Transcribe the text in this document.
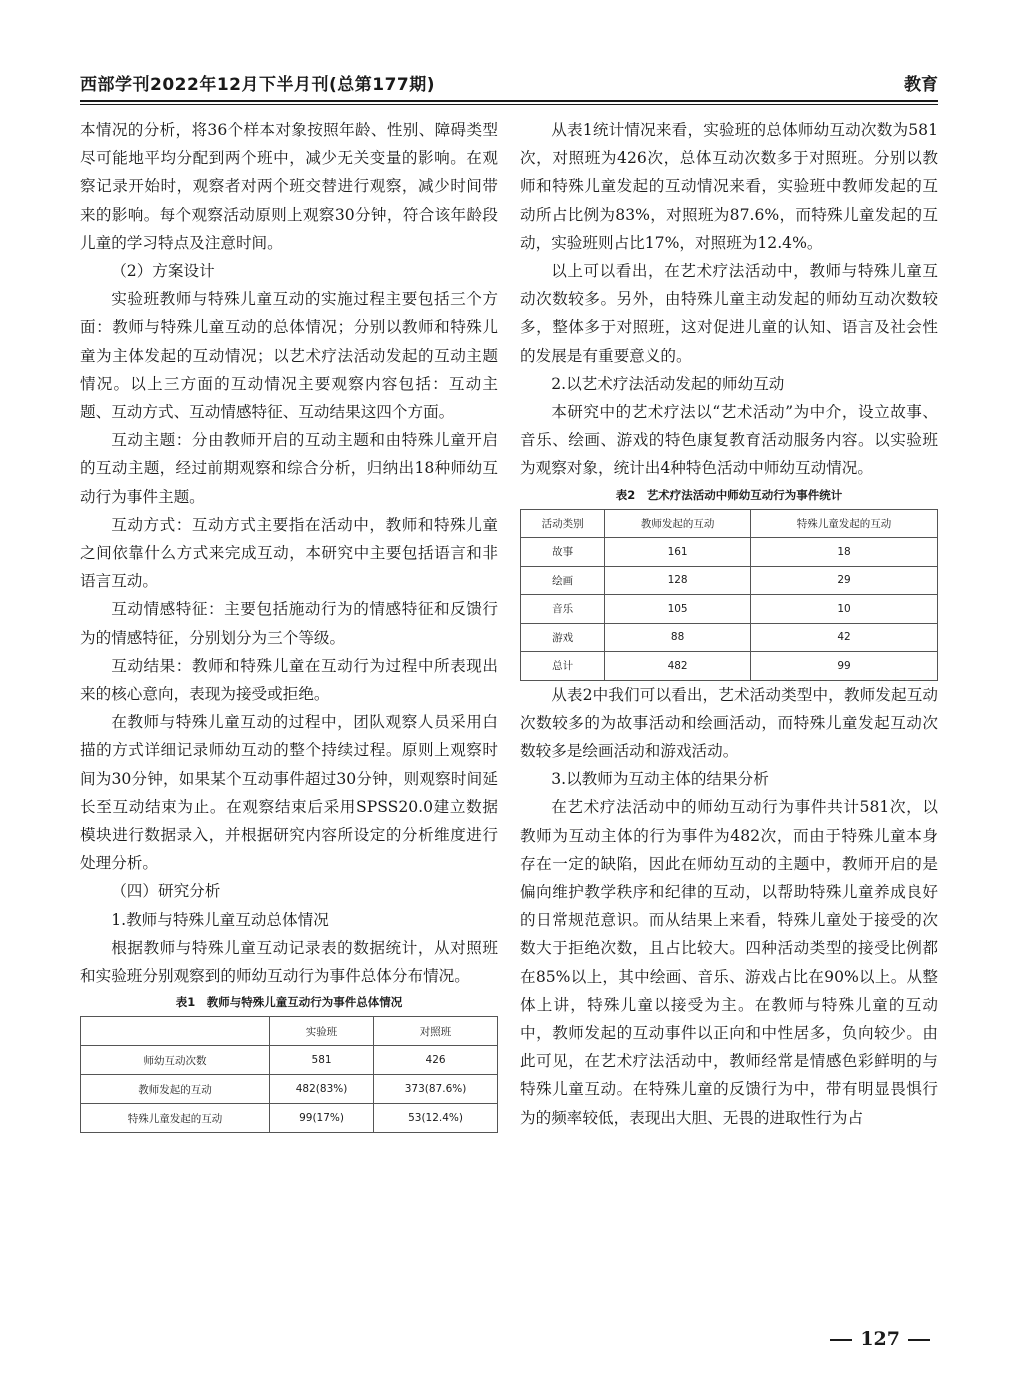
西部学刊2022年12月下半月刊(总第177期)	教育

本情况的分析，将36个样本对象按照年龄、性别、障碍类型尽可能地平均分配到两个班中，减少无关变量的影响。在观察记录开始时，观察者对两个班交替进行观察，减少时间带来的影响。每个观察活动原则上观察30分钟，符合该年龄段儿童的学习特点及注意时间。

（2）方案设计

实验班教师与特殊儿童互动的实施过程主要包括三个方面：教师与特殊儿童互动的总体情况；分别以教师和特殊儿童为主体发起的互动情况；以艺术疗法活动发起的互动主题情况。以上三方面的互动情况主要观察内容包括：互动主题、互动方式、互动情感特征、互动结果这四个方面。

互动主题：分由教师开启的互动主题和由特殊儿童开启的互动主题，经过前期观察和综合分析，归纳出18种师幼互动行为事件主题。

互动方式：互动方式主要指在活动中，教师和特殊儿童之间依靠什么方式来完成互动，本研究中主要包括语言和非语言互动。

互动情感特征：主要包括施动行为的情感特征和反馈行为的情感特征，分别划分为三个等级。

互动结果：教师和特殊儿童在互动行为过程中所表现出来的核心意向，表现为接受或拒绝。

在教师与特殊儿童互动的过程中，团队观察人员采用白描的方式详细记录师幼互动的整个持续过程。原则上观察时间为30分钟，如果某个互动事件超过30分钟，则观察时间延长至互动结束为止。在观察结束后采用SPSS20.0建立数据模块进行数据录入，并根据研究内容所设定的分析维度进行处理分析。

（四）研究分析

1.教师与特殊儿童互动总体情况

根据教师与特殊儿童互动记录表的数据统计，从对照班和实验班分别观察到的师幼互动行为事件总体分布情况。

表1　教师与特殊儿童互动行为事件总体情况
	实验班	对照班
师幼互动次数	581	426
教师发起的互动	482(83%)	373(87.6%)
特殊儿童发起的互动	99(17%)	53(12.4%)

从表1统计情况来看，实验班的总体师幼互动次数为581次，对照班为426次，总体互动次数多于对照班。分别以教师和特殊儿童发起的互动情况来看，实验班中教师发起的互动所占比例为83%，对照班为87.6%，而特殊儿童发起的互动，实验班则占比17%，对照班为12.4%。

以上可以看出，在艺术疗法活动中，教师与特殊儿童互动次数较多。另外，由特殊儿童主动发起的师幼互动次数较多，整体多于对照班，这对促进儿童的认知、语言及社会性的发展是有重要意义的。

2.以艺术疗法活动发起的师幼互动

本研究中的艺术疗法以“艺术活动”为中介，设立故事、音乐、绘画、游戏的特色康复教育活动服务内容。以实验班为观察对象，统计出4种特色活动中师幼互动情况。

表2　艺术疗法活动中师幼互动行为事件统计
活动类别	教师发起的互动	特殊儿童发起的互动
故事	161	18
绘画	128	29
音乐	105	10
游戏	88	42
总计	482	99

从表2中我们可以看出，艺术活动类型中，教师发起互动次数较多的为故事活动和绘画活动，而特殊儿童发起互动次数较多是绘画活动和游戏活动。

3.以教师为互动主体的结果分析

在艺术疗法活动中的师幼互动行为事件共计581次，以教师为互动主体的行为事件为482次，而由于特殊儿童本身存在一定的缺陷，因此在师幼互动的主题中，教师开启的是偏向维护教学秩序和纪律的互动，以帮助特殊儿童养成良好的日常规范意识。而从结果上来看，特殊儿童处于接受的次数大于拒绝次数，且占比较大。四种活动类型的接受比例都在85%以上，其中绘画、音乐、游戏占比在90%以上。从整体上讲，特殊儿童以接受为主。在教师与特殊儿童的互动中，教师发起的互动事件以正向和中性居多，负向较少。由此可见，在艺术疗法活动中，教师经常是情感色彩鲜明的与特殊儿童互动。在特殊儿童的反馈行为中，带有明显畏惧行为的频率较低，表现出大胆、无畏的进取性行为占

127
